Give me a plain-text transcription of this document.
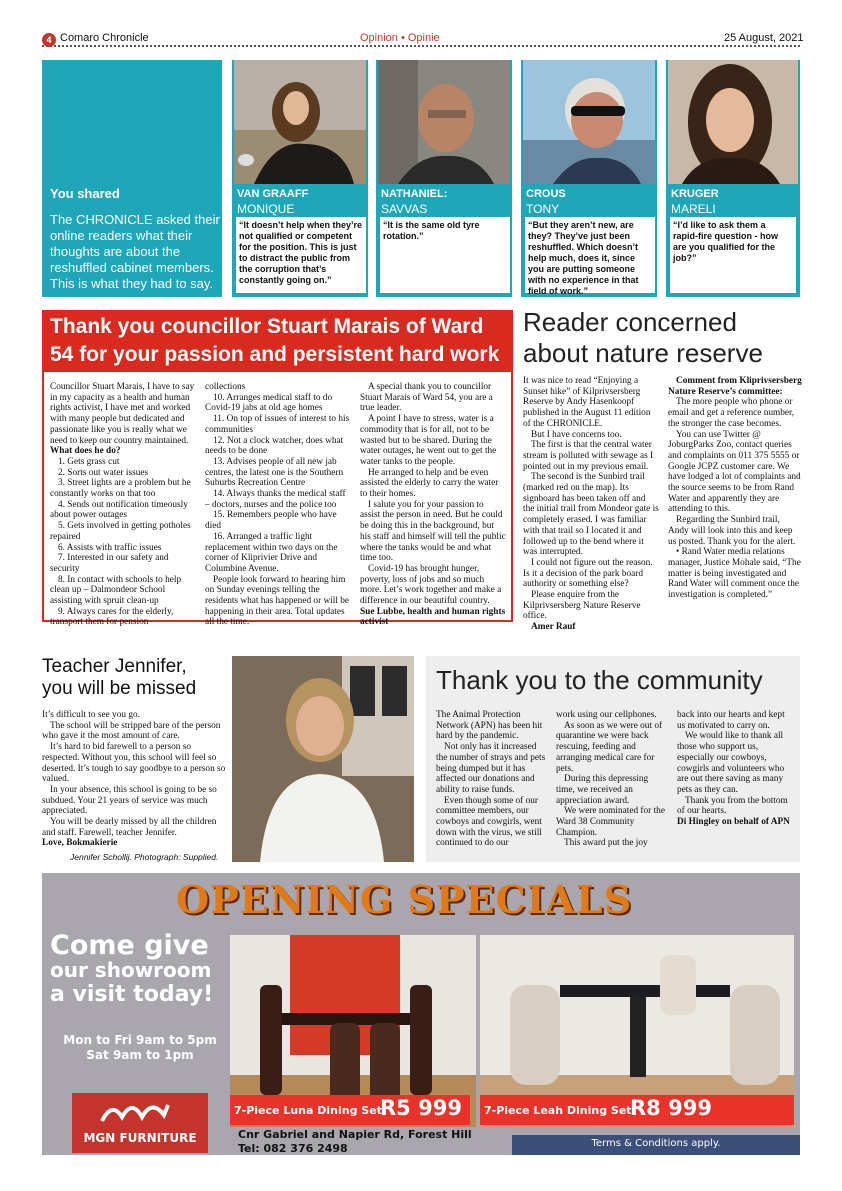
4 Comaro Chronicle	Opinion • Opinie	25 August, 2021
You shared
The CHRONICLE asked their online readers what their thoughts are about the reshuffled cabinet members. This is what they had to say.
VAN GRAAFF
MONIQUE
“It doesn’t help when they’re not qualified or competent for the position. This is just to distract the public from the corruption that’s constantly going on.”
NATHANIEL:
SAVVAS
“It is the same old tyre rotation.”
CROUS
TONY
“But they aren’t new, are they? They’ve just been reshuffled. Which doesn’t help much, does it, since you are putting someone with no experience in that field of work.”
KRUGER
MARELI
“I’d like to ask them a rapid-fire question - how are you qualified for the job?”
Thank you councillor Stuart Marais of Ward 54 for your passion and persistent hard work

Councillor Stuart Marais, I have to say in my capacity as a health and human rights activist, I have met and worked with many people but dedicated and passionate like you is really what we need to keep our country maintained.

What does he do?

1. Gets grass cut

2. Sorts out water issues

3. Street lights are a problem but he constantly works on that too

4. Sends out notification timeously about power outages

5. Gets involved in getting potholes repaired

6. Assists with traffic issues

7. Interested in our safety and security

8. In contact with schools to help clean up – Dalmondeor School assisting with spruit clean-up

9. Always cares for the elderly, transport them for pension

collections

10. Arranges medical staff to do Covid-19 jabs at old age homes

11. On top of issues of interest to his communities

12. Not a clock watcher, does what needs to be done

13. Advises people of all new jab centres, the latest one is the Southern Suburbs Recreation Centre

14. Always thanks the medical staff – doctors, nurses and the police too

15. Remembers people who have died

16. Arranged a traffic light replacement within two days on the corner of Kliprivier Drive and Columbine Avenue.

People look forward to hearing him on Sunday evenings telling the residents what has happened or will be happening in their area. Total updates all the time.

A special thank you to councillor Stuart Marais of Ward 54, you are a true leader.

A point I have to stress, water is a commodity that is for all, not to be wasted but to be shared. During the water outages, he went out to get the water tanks to the people.

He arranged to help and be even assisted the elderly to carry the water to their homes.

I salute you for your passion to assist the person in need. But he could be doing this in the background, but his staff and himself will tell the public where the tanks would be and what time too.

Covid-19 has brought hunger, poverty, loss of jobs and so much more. Let’s work together and make a difference in our beautiful country.

Sue Lubbe, health and human rights activist

Reader concerned about nature reserve

It was nice to read “Enjoying a Sunset hike” of Kilprivsersberg Reserve by Andy Hasenkoopf published in the August 11 edition of the CHRONICLE.

But I have concerns too.

The first is that the central water stream is polluted with sewage as I pointed out in my previous email.

The second is the Sunbird trail (marked red on the map). Its signboard has been taken off and the initial trail from Mondeor gate is completely erased. I was familiar with that trail so I located it and followed up to the bend where it was interrupted.

I could not figure out the reason. Is it a decision of the park board authority or something else?

Please enquire from the Kilprivsersberg Nature Reserve office.

Amer Rauf

Comment from Kliprivsersberg Nature Reserve’s committee:

The more people who phone or email and get a reference number, the stronger the case becomes.

You can use Twitter @ JoburgParks Zoo, contact queries and complaints on 011 375 5555 or Google JCPZ customer care. We have lodged a lot of complaints and the source seems to be from Rand Water and apparently they are attending to this.

Regarding the Sunbird trail, Andy will look into this and keep us posted. Thank you for the alert.

• Rand Water media relations manager, Justice Mohale said, “The matter is being investigated and Rand Water will comment once the investigation is completed.”

Teacher Jennifer, you will be missed

It’s difficult to see you go.

The school will be stripped bare of the person who gave it the most amount of care.

It’s hard to bid farewell to a person so respected. Without you, this school will feel so deserted. It’s tough to say goodbye to a person so valued.

In your absence, this school is going to be so subdued. Your 21 years of service was much appreciated.

You will be dearly missed by all the children and staff. Farewell, teacher Jennifer.

Love, Bokmakierie

Jennifer Schollij. Photograph: Supplied.
Thank you to the community

The Animal Protection Network (APN) has been hit hard by the pandemic.

Not only has it increased the number of strays and pets being dumped but it has affected our donations and ability to raise funds.

Even though some of our committee members, our cowboys and cowgirls, went down with the virus, we still continued to do our

work using our cellphones.

As soon as we were out of quarantine we were back rescuing, feeding and arranging medical care for pets.

During this depressing time, we received an appreciation award.

We were nominated for the Ward 38 Community Champion.

This award put the joy

back into our hearts and kept us motivated to carry on.

We would like to thank all those who support us, especially our cowboys, cowgirls and volunteers who are out there saving as many pets as they can.

Thank you from the bottom of our hearts.

Di Hingley on behalf of APN

OPENING SPECIALS
Come give
our showroom
a visit today!
Mon to Fri 9am to 5pm
Sat 9am to 1pm
MGN FURNITURE
7-Piece Luna Dining Set:
R5 999 7-Piece Leah Dining Set:
R8 999
Cnr Gabriel and Napier Rd, Forest Hill
Tel: 082 376 2498	Terms & Conditions apply.
